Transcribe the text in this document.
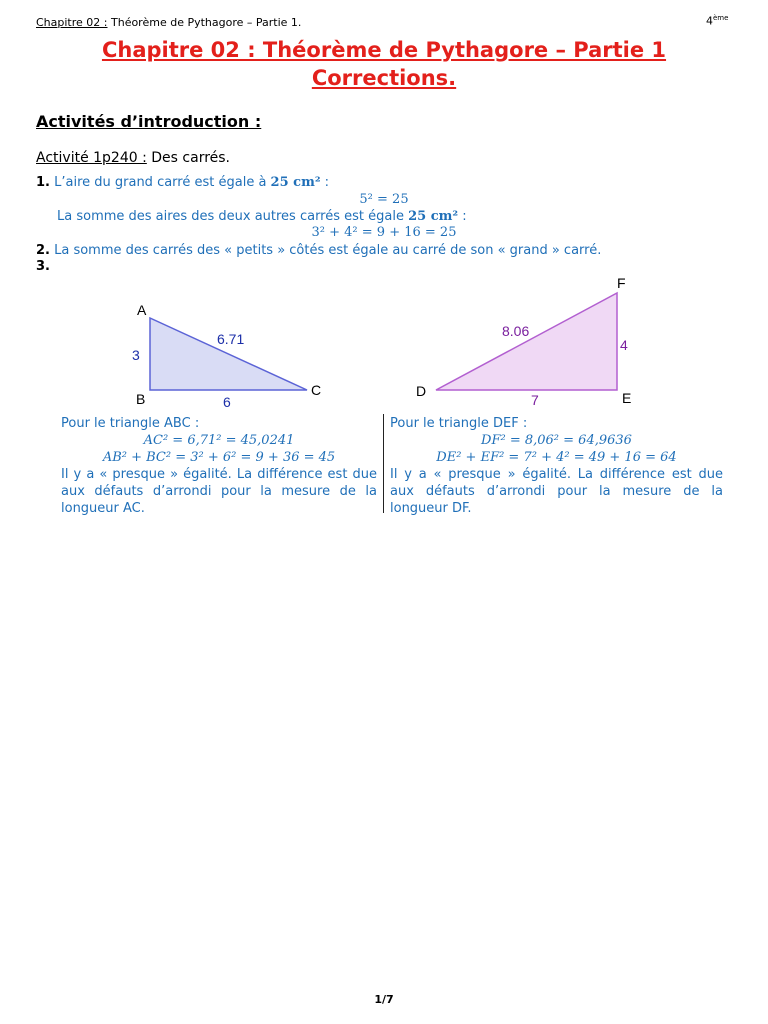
Chapitre 02 : Théorème de Pythagore – Partie 1.	4ème
Chapitre 02 : Théorème de Pythagore – Partie 1
Corrections.
Activités d’introduction :
Activité 1p240 : Des carrés.
1. L’aire du grand carré est égale à 25 cm² :
5² = 25
La somme des aires des deux autres carrés est égale 25 cm² :
3² + 4² = 9 + 16 = 25
2. La somme des carrés des « petits » côtés est égale au carré de son « grand » carré.
3.
A
B
C
3
6
6.71
D	E
F
7
4
8.06
Pour le triangle ABC :
AC² = 6,71² = 45,0241
AB² + BC² = 3² + 6² = 9 + 36 = 45
Il y a « presque » égalité. La différence est due aux défauts d’arrondi pour la mesure de la longueur AC.
Pour le triangle DEF :
DF² = 8,06² = 64,9636
DE² + EF² = 7² + 4² = 49 + 16 = 64
Il y a « presque » égalité. La différence est due aux défauts d’arrondi pour la mesure de la longueur DF.
1/7
